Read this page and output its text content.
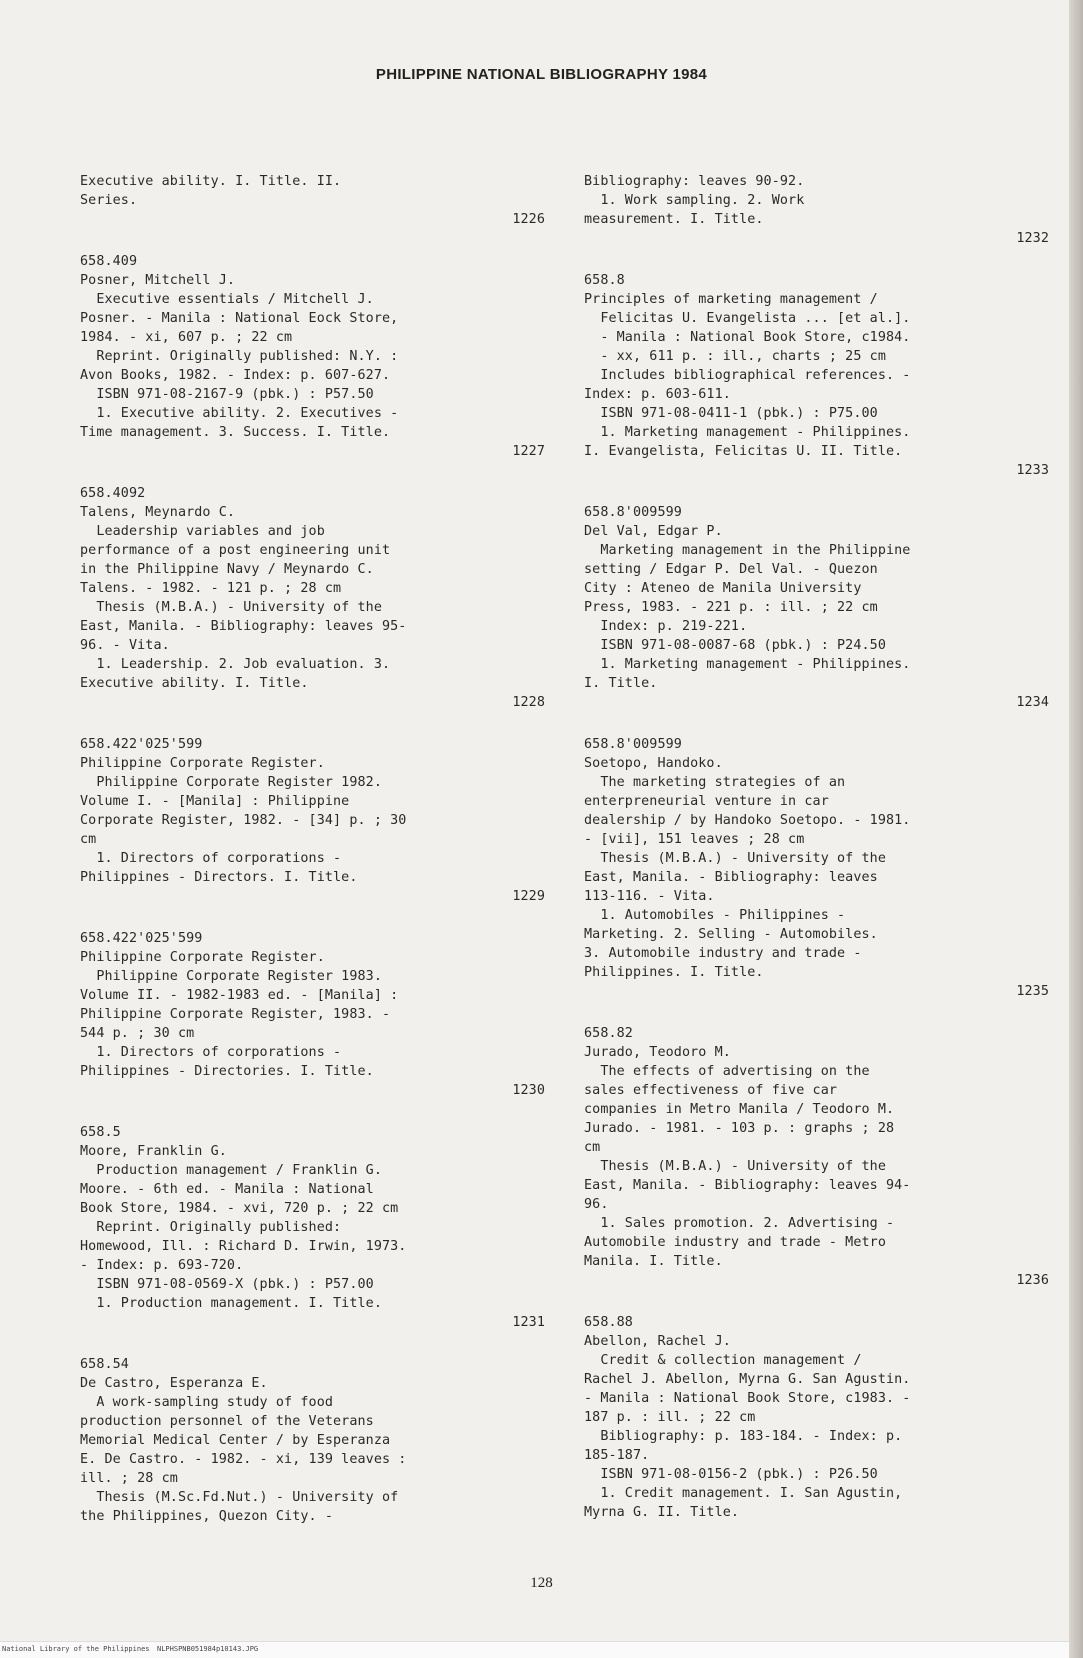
PHILIPPINE NATIONAL BIBLIOGRAPHY 1984
Executive ability. I. Title. II.
Series.
1226
658.409
Posner, Mitchell J.
Executive essentials / Mitchell J.
Posner. - Manila : National Eock Store,
1984. - xi, 607 p. ; 22 cm
Reprint. Originally published: N.Y. :
Avon Books, 1982. - Index: p. 607-627.
ISBN 971-08-2167-9 (pbk.) : P57.50
1. Executive ability. 2. Executives -
Time management. 3. Success. I. Title.
1227
658.4092
Talens, Meynardo C.
Leadership variables and job
performance of a post engineering unit
in the Philippine Navy / Meynardo C.
Talens. - 1982. - 121 p. ; 28 cm
Thesis (M.B.A.) - University of the
East, Manila. - Bibliography: leaves 95-
96. - Vita.
1. Leadership. 2. Job evaluation. 3.
Executive ability. I. Title.
1228
658.422'025'599
Philippine Corporate Register.
Philippine Corporate Register 1982.
Volume I. - [Manila] : Philippine
Corporate Register, 1982. - [34] p. ; 30
cm
1. Directors of corporations -
Philippines - Directors. I. Title.
1229
658.422'025'599
Philippine Corporate Register.
Philippine Corporate Register 1983.
Volume II. - 1982-1983 ed. - [Manila] :
Philippine Corporate Register, 1983. -
544 p. ; 30 cm
1. Directors of corporations -
Philippines - Directories. I. Title.
1230
658.5
Moore, Franklin G.
Production management / Franklin G.
Moore. - 6th ed. - Manila : National
Book Store, 1984. - xvi, 720 p. ; 22 cm
Reprint. Originally published:
Homewood, Ill. : Richard D. Irwin, 1973.
- Index: p. 693-720.
ISBN 971-08-0569-X (pbk.) : P57.00
1. Production management. I. Title.
1231
658.54
De Castro, Esperanza E.
A work-sampling study of food
production personnel of the Veterans
Memorial Medical Center / by Esperanza
E. De Castro. - 1982. - xi, 139 leaves :
ill. ; 28 cm
Thesis (M.Sc.Fd.Nut.) - University of
the Philippines, Quezon City. -
Bibliography: leaves 90-92.
1. Work sampling. 2. Work
measurement. I. Title.
1232
658.8
Principles of marketing management /
Felicitas U. Evangelista ... [et al.].
- Manila : National Book Store, c1984.
- xx, 611 p. : ill., charts ; 25 cm
Includes bibliographical references. -
Index: p. 603-611.
ISBN 971-08-0411-1 (pbk.) : P75.00
1. Marketing management - Philippines.
I. Evangelista, Felicitas U. II. Title.
1233
658.8'009599
Del Val, Edgar P.
Marketing management in the Philippine
setting / Edgar P. Del Val. - Quezon
City : Ateneo de Manila University
Press, 1983. - 221 p. : ill. ; 22 cm
Index: p. 219-221.
ISBN 971-08-0087-68 (pbk.) : P24.50
1. Marketing management - Philippines.
I. Title.
1234
658.8'009599
Soetopo, Handoko.
The marketing strategies of an
enterpreneurial venture in car
dealership / by Handoko Soetopo. - 1981.
- [vii], 151 leaves ; 28 cm
Thesis (M.B.A.) - University of the
East, Manila. - Bibliography: leaves
113-116. - Vita.
1. Automobiles - Philippines -
Marketing. 2. Selling - Automobiles.
3. Automobile industry and trade -
Philippines. I. Title.
1235
658.82
Jurado, Teodoro M.
The effects of advertising on the
sales effectiveness of five car
companies in Metro Manila / Teodoro M.
Jurado. - 1981. - 103 p. : graphs ; 28
cm
Thesis (M.B.A.) - University of the
East, Manila. - Bibliography: leaves 94-
96.
1. Sales promotion. 2. Advertising -
Automobile industry and trade - Metro
Manila. I. Title.
1236
658.88
Abellon, Rachel J.
Credit & collection management /
Rachel J. Abellon, Myrna G. San Agustin.
- Manila : National Book Store, c1983. -
187 p. : ill. ; 22 cm
Bibliography: p. 183-184. - Index: p.
185-187.
ISBN 971-08-0156-2 (pbk.) : P26.50
1. Credit management. I. San Agustin,
Myrna G. II. Title.
128
National Library of the Philippines NLPHSPNB051984p10143.JPG
